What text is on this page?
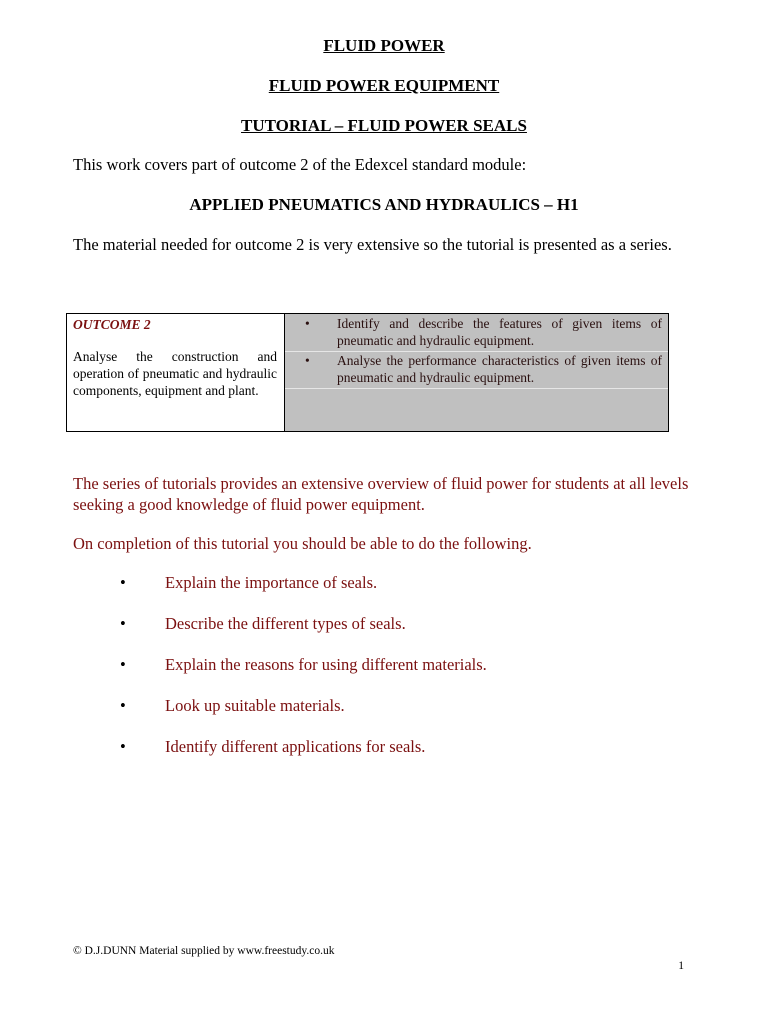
FLUID POWER
FLUID POWER EQUIPMENT
TUTORIAL – FLUID POWER SEALS

This work covers part of outcome 2 of the Edexcel standard module:

APPLIED PNEUMATICS AND HYDRAULICS – H1

The material needed for outcome 2 is very extensive so the tutorial is presented as a series.

OUTCOME 2
Analyse the construction and operation of pneumatic and hydraulic components, equipment and plant.
•	Identify and describe the features of given items of pneumatic and hydraulic equipment.
•	Analyse the performance characteristics of given items of pneumatic and hydraulic equipment.

The series of tutorials provides an extensive overview of fluid power for students at all levels seeking a good knowledge of fluid power equipment.

On completion of this tutorial you should be able to do the following.

•	Explain the importance of seals.
•	Describe the different types of seals.
•	Explain the reasons for using different materials.
•	Look up suitable materials.
•	Identify different applications for seals.
© D.J.DUNN Material supplied by www.freestudy.co.uk
1
